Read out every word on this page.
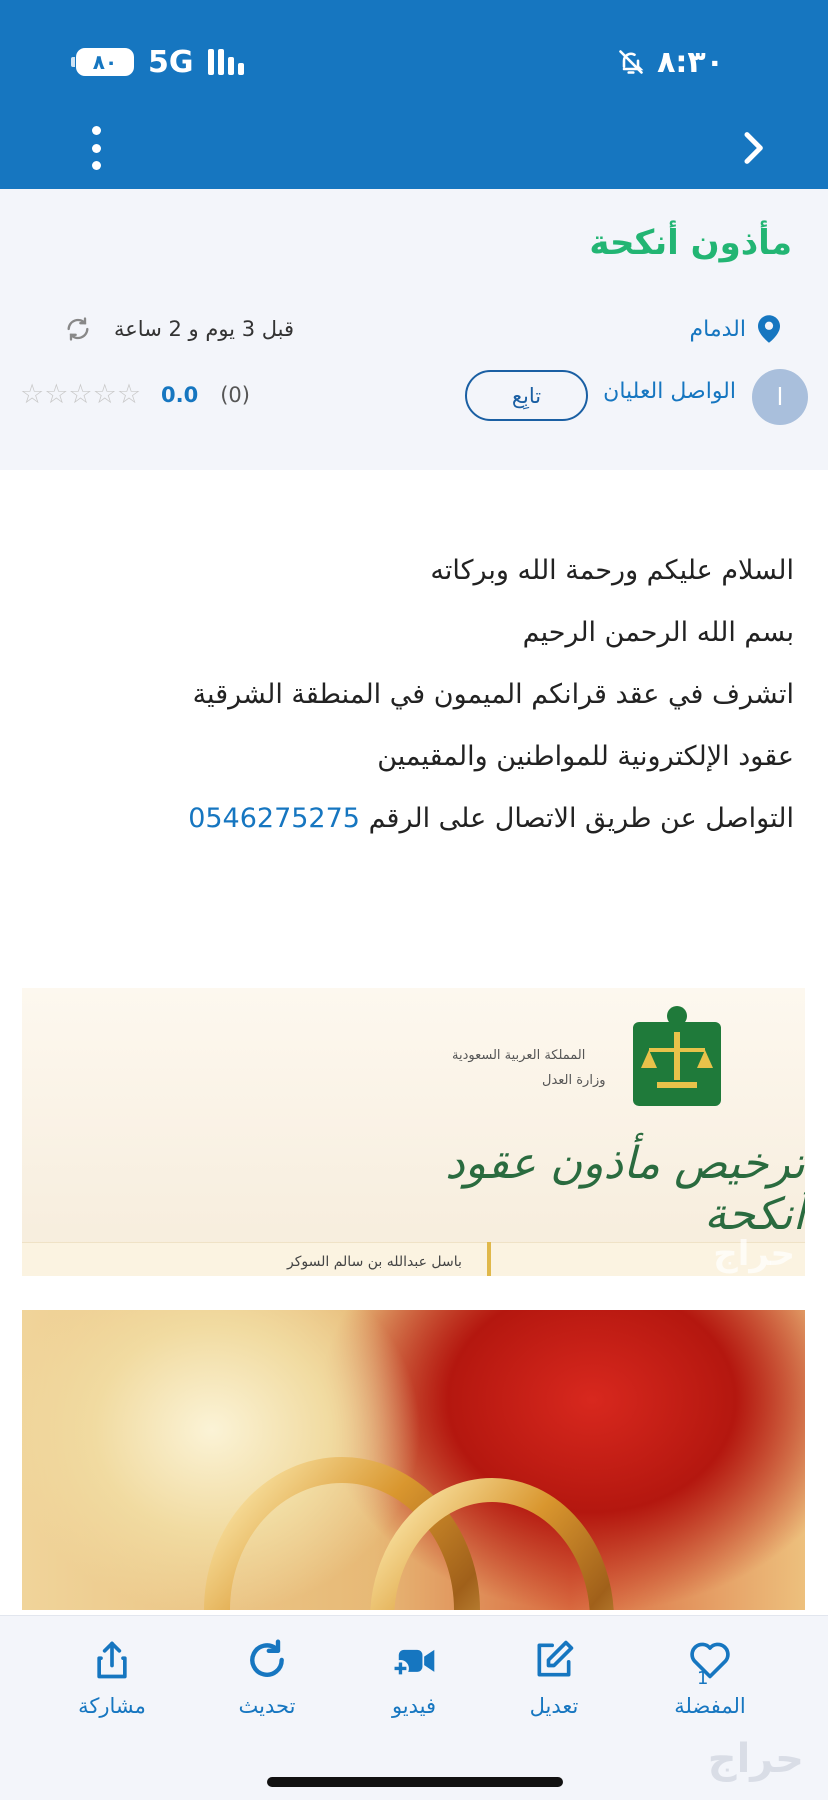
٨٠	5G	٨:٣٠
مأذون أنكحة
الدمام
قبل 3 يوم و 2 ساعة
ا
الواصل العليان
تابِع
☆☆☆☆☆ 0.0 (0)
السلام عليكم ورحمة الله وبركاته
بسم الله الرحمن الرحيم
اتشرف في عقد قرانكم الميمون في المنطقة الشرقية
عقود الإلكترونية للمواطنين والمقيمين
التواصل عن طريق الاتصال على الرقم 0546275275
المملكة العربية السعودية
وزارة العدل
ترخيص مأذون عقود أنكحة
باسل عبدالله بن سالم السوكر	حراج
مشاركة	تحديث	فيديو	تعديل
1
المفضلة
حراج
